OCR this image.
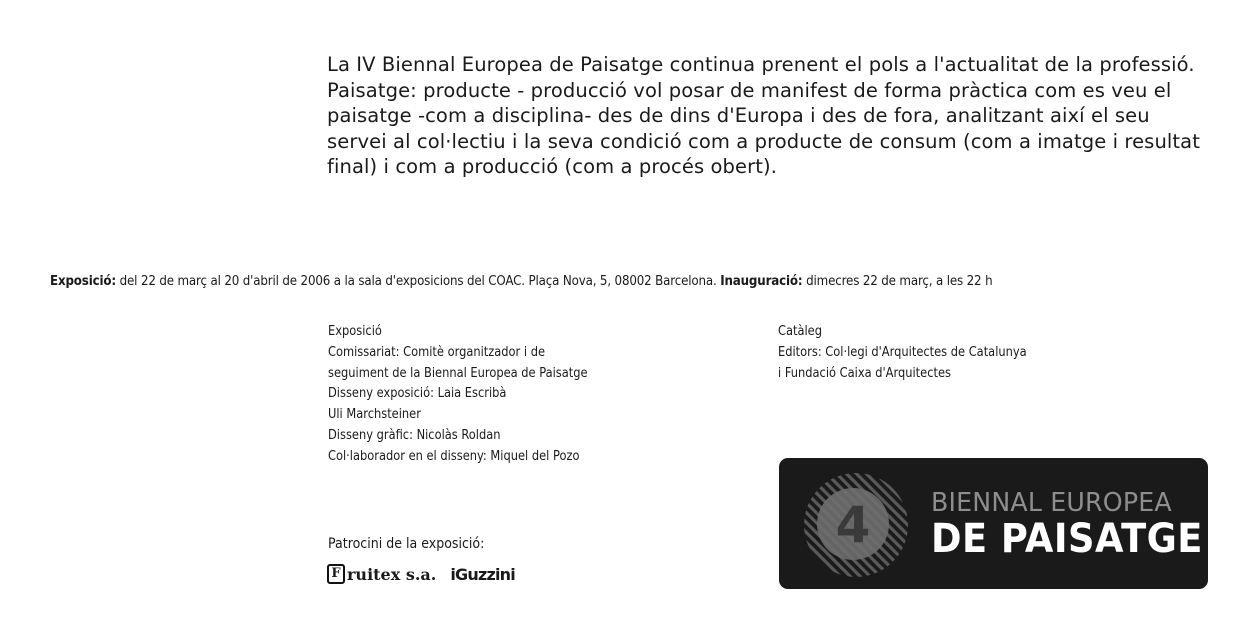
La IV Biennal Europea de Paisatge continua prenent el pols a l'actualitat de la professió.
Paisatge: producte - producció vol posar de manifest de forma pràctica com es veu el
paisatge -com a disciplina- des de dins d'Europa i des de fora, analitzant així el seu
servei al col·lectiu i la seva condició com a producte de consum (com a imatge i resultat
final) i com a producció (com a procés obert).
Exposició: del 22 de març al 20 d'abril de 2006 a la sala d'exposicions del COAC. Plaça Nova, 5, 08002 Barcelona. Inauguració: dimecres 22 de març, a les 22 h
Exposició
Comissariat: Comitè organitzador i de
seguiment de la Biennal Europea de Paisatge
Disseny exposició: Laia Escribà
Uli Marchsteiner
Disseny gràfic: Nicolàs Roldan
Col·laborador en el disseny: Miquel del Pozo
Catàleg
Editors: Col·legi d'Arquitectes de Catalunya
i Fundació Caixa d'Arquitectes
Patrocini de la exposició:
F ruitex s.a. iGuzzini
4 BIENNAL EUROPEA
DE PAISATGE
